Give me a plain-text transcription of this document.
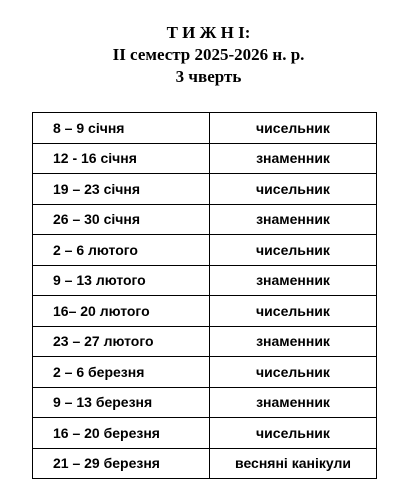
Т И Ж Н І:
ІІ семестр 2025-2026 н. р.
3 чверть
8 – 9 січня	чисельник
12 - 16 січня	знаменник
19 – 23 січня	чисельник
26 – 30 січня	знаменник
2 – 6 лютого	чисельник
9 – 13 лютого	знаменник
16– 20 лютого	чисельник
23 – 27 лютого	знаменник
2 – 6 березня	чисельник
9 – 13 березня	знаменник
16 – 20 березня	чисельник
21 – 29 березня	весняні канікули
